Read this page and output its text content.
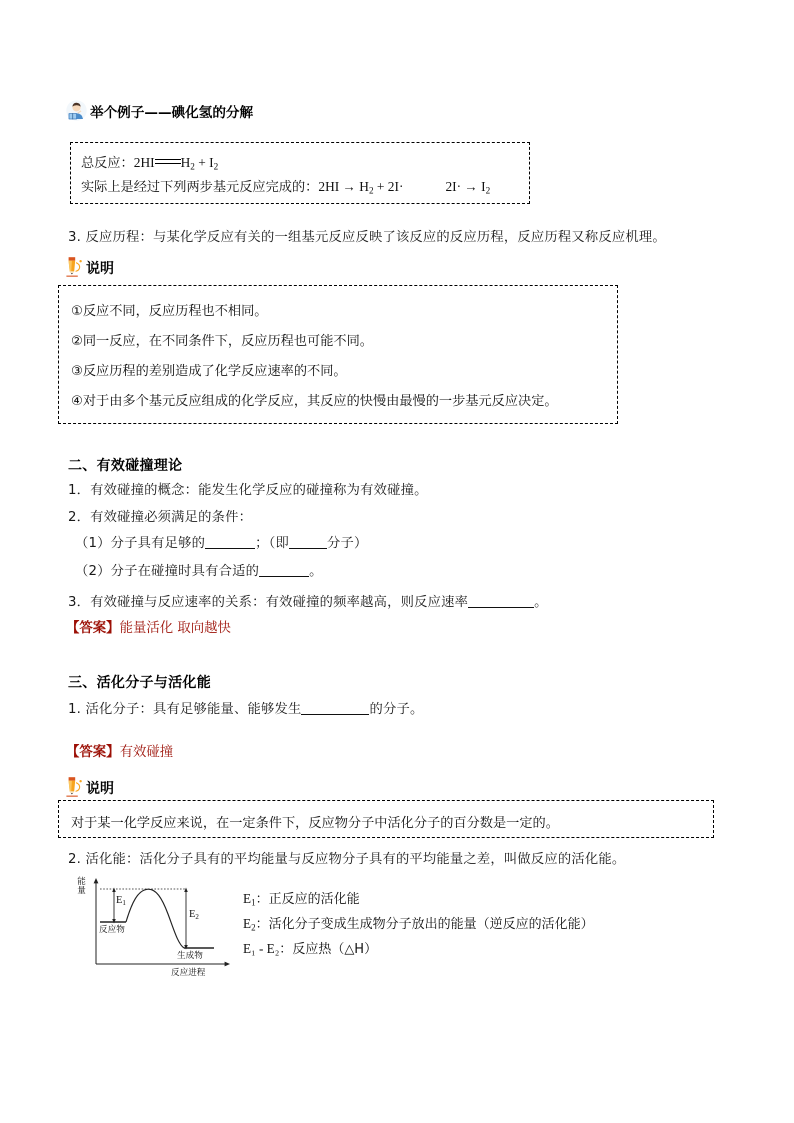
举个例子——碘化氢的分解
总反应：2HI $H_2 + I_2$
实际上是经过下列两步基元反应完成的：$2HI \to H_2 + 2I\cdot$	$2I\cdot \to I_2$
3. 反应历程：与某化学反应有关的一组基元反应反映了该反应的反应历程，反应历程又称反应机理。
说明
①反应不同，反应历程也不相同。
②同一反应，在不同条件下，反应历程也可能不同。
③反应历程的差别造成了化学反应速率的不同。
④对于由多个基元反应组成的化学反应，其反应的快慢由最慢的一步基元反应决定。
二、有效碰撞理论
1．有效碰撞的概念：能发生化学反应的碰撞称为有效碰撞。
2．有效碰撞必须满足的条件：
（1）分子具有足够的	；（即	分子）
（2）分子在碰撞时具有合适的	。
3．有效碰撞与反应速率的关系：有效碰撞的频率越高，则反应速率	。
【答案】能量活化 取向越快
三、活化分子与活化能
1. 活化分子：具有足够能量、能够发生	的分子。
【答案】有效碰撞
说明
对于某一化学反应来说，在一定条件下，反应物分子中活化分子的百分数是一定的。
2. 活化能：活化分子具有的平均能量与反应物分子具有的平均能量之差，叫做反应的活化能。
能量
$E_1$
$E_2$
反应物
生成物
反应进程
$E_1$：正反应的活化能
$E_2$：活化分子变成生成物分子放出的能量（逆反应的活化能）
E₁ - E₂：反应热（△H）
